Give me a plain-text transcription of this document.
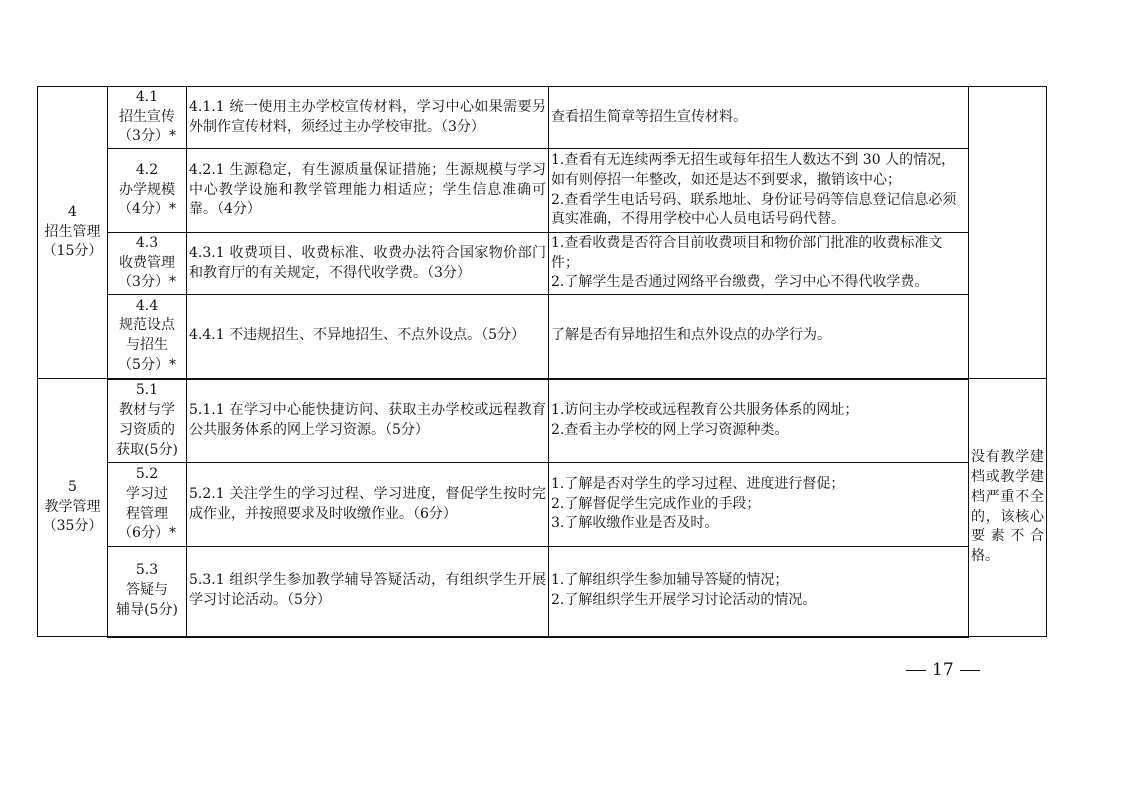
4
招生管理
（15分）	4.1
招生宣传
（3分）*	4.1.1 统一使用主办学校宣传材料，学习中心如果需要另外制作宣传材料，须经过主办学校审批。（3分）	查看招生简章等招生宣传材料。	

	4.2
办学规模
（4分）*	4.2.1 生源稳定，有生源质量保证措施；生源规模与学习中心教学设施和教学管理能力相适应；学生信息准确可靠。（4分）	1.查看有无连续两季无招生或每年招生人数达不到 30 人的情况，如有则停招一年整改，如还是达不到要求，撤销该中心；
2.查看学生电话号码、联系地址、身份证号码等信息登记信息必须真实准确，不得用学校中心人员电话号码代替。	

	4.3
收费管理
（3分）*	4.3.1 收费项目、收费标准、收费办法符合国家物价部门和教育厅的有关规定，不得代收学费。（3分）	1.查看收费是否符合目前收费项目和物价部门批准的收费标准文件；
2.了解学生是否通过网络平台缴费，学习中心不得代收学费。	

	4.4
规范设点
与招生
（5分）*	4.4.1 不违规招生、不异地招生、不点外设点。（5分）	了解是否有异地招生和点外设点的办学行为。	

5
教学管理
（35分）	5.1
教材与学
习资质的
获取(5分)	5.1.1 在学习中心能快捷访问、获取主办学校或远程教育公共服务体系的网上学习资源。（5分）	1.访问主办学校或远程教育公共服务体系的网址；
2.查看主办学校的网上学习资源种类。	没有教学建档或教学建档严重不全的，该核心要素不合格。

	5.2
学习过
程管理
（6分）*	5.2.1 关注学生的学习过程、学习进度，督促学生按时完成作业，并按照要求及时收缴作业。（6分）	1.了解是否对学生的学习过程、进度进行督促；
2.了解督促学生完成作业的手段；
3.了解收缴作业是否及时。	

	5.3
答疑与
辅导(5分)	5.3.1 组织学生参加教学辅导答疑活动，有组织学生开展学习讨论活动。（5分）	1.了解组织学生参加辅导答疑的情况；
2.了解组织学生开展学习讨论活动的情况。	
17
